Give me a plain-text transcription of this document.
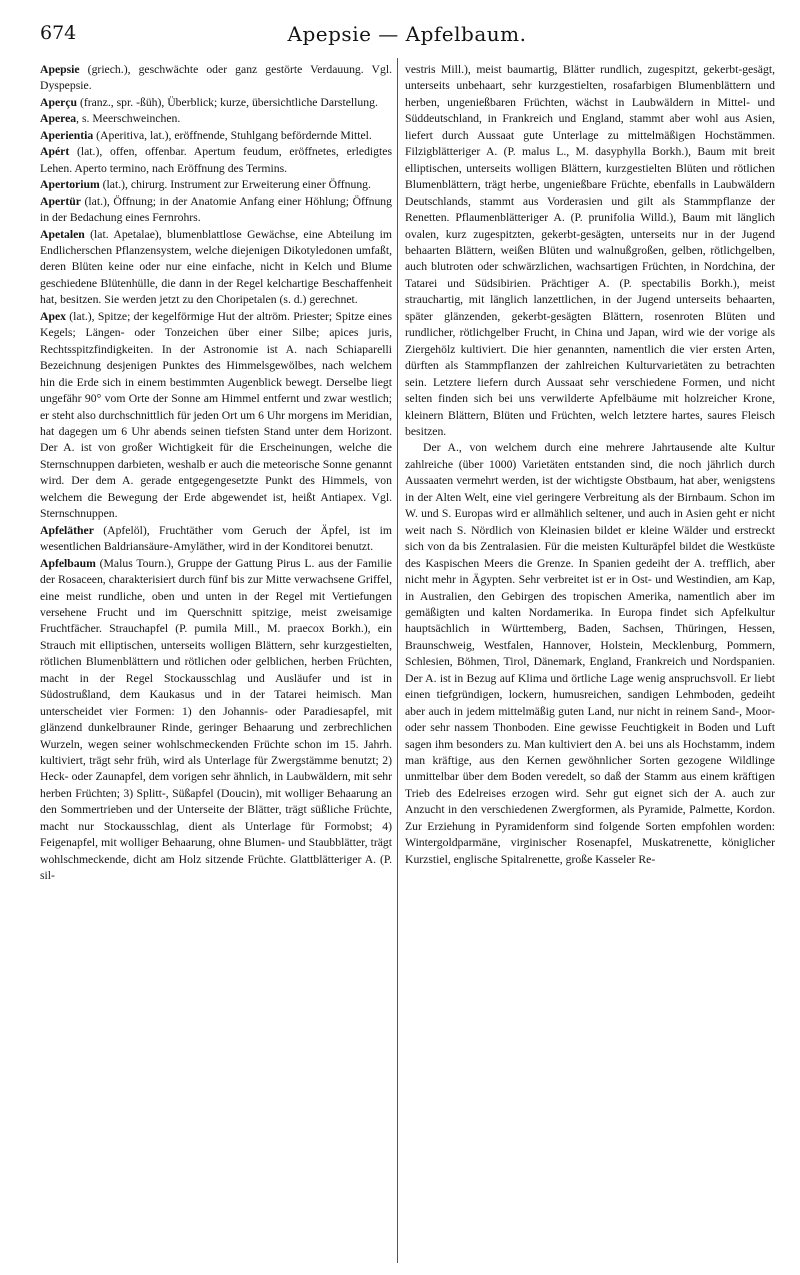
674	Apepsie — Apfelbaum.

Apepsie (griech.), geschwächte oder ganz gestörte Verdauung. Vgl. Dyspepsie.

Aperçu (franz., spr. -ßüh), Überblick; kurze, übersichtliche Darstellung.

Aperea, s. Meerschweinchen.

Aperientia (Aperitiva, lat.), eröffnende, Stuhlgang befördernde Mittel.

Apért (lat.), offen, offenbar. Apertum feudum, eröffnetes, erledigtes Lehen. Aperto termino, nach Eröffnung des Termins.

Apertorium (lat.), chirurg. Instrument zur Erweiterung einer Öffnung.

Apertür (lat.), Öffnung; in der Anatomie Anfang einer Höhlung; Öffnung in der Bedachung eines Fernrohrs.

Apetalen (lat. Apetalae), blumenblattlose Gewächse, eine Abteilung im Endlicherschen Pflanzensystem, welche diejenigen Dikotyledonen umfaßt, deren Blüten keine oder nur eine einfache, nicht in Kelch und Blume geschiedene Blütenhülle, die dann in der Regel kelchartige Beschaffenheit hat, besitzen. Sie werden jetzt zu den Choripetalen (s. d.) gerechnet.

Apex (lat.), Spitze; der kegelförmige Hut der altröm. Priester; Spitze eines Kegels; Längen- oder Tonzeichen über einer Silbe; apices juris, Rechtsspitzfindigkeiten. In der Astronomie ist A. nach Schiaparelli Bezeichnung desjenigen Punktes des Himmelsgewölbes, nach welchem hin die Erde sich in einem bestimmten Augenblick bewegt. Derselbe liegt ungefähr 90° vom Orte der Sonne am Himmel entfernt und zwar westlich; er steht also durchschnittlich für jeden Ort um 6 Uhr morgens im Meridian, hat dagegen um 6 Uhr abends seinen tiefsten Stand unter dem Horizont. Der A. ist von großer Wichtigkeit für die Erscheinungen, welche die Sternschnuppen darbieten, weshalb er auch die meteorische Sonne genannt wird. Der dem A. gerade entgegengesetzte Punkt des Himmels, von welchem die Bewegung der Erde abgewendet ist, heißt Antiapex. Vgl. Sternschnuppen.

Apfeläther (Apfelöl), Fruchtäther vom Geruch der Äpfel, ist im wesentlichen Baldriansäure-Amyläther, wird in der Konditorei benutzt.

Apfelbaum (Malus Tourn.), Gruppe der Gattung Pirus L. aus der Familie der Rosaceen, charakterisiert durch fünf bis zur Mitte verwachsene Griffel, eine meist rundliche, oben und unten in der Regel mit Vertiefungen versehene Frucht und im Querschnitt spitzige, meist zweisamige Fruchtfächer. Strauchapfel (P. pumila Mill., M. praecox Borkh.), ein Strauch mit elliptischen, unterseits wolligen Blättern, sehr kurzgestielten, rötlichen Blumenblättern und rötlichen oder gelblichen, herben Früchten, macht in der Regel Stockausschlag und Ausläufer und ist in Südostrußland, dem Kaukasus und in der Tatarei heimisch. Man unterscheidet vier Formen: 1) den Johannis- oder Paradiesapfel, mit glänzend dunkelbrauner Rinde, geringer Behaarung und zerbrechlichen Wurzeln, wegen seiner wohlschmeckenden Früchte schon im 15. Jahrh. kultiviert, trägt sehr früh, wird als Unterlage für Zwergstämme benutzt; 2) Heck- oder Zaunapfel, dem vorigen sehr ähnlich, in Laubwäldern, mit sehr herben Früchten; 3) Splitt-, Süßapfel (Doucin), mit wolliger Behaarung an den Sommertrieben und der Unterseite der Blätter, trägt süßliche Früchte, macht nur Stockausschlag, dient als Unterlage für Formobst; 4) Feigenapfel, mit wolliger Behaarung, ohne Blumen- und Staubblätter, trägt wohlschmeckende, dicht am Holz sitzende Früchte. Glattblätteriger A. (P. sil-

vestris Mill.), meist baumartig, Blätter rundlich, zugespitzt, gekerbt-gesägt, unterseits unbehaart, sehr kurzgestielten, rosafarbigen Blumenblättern und herben, ungenießbaren Früchten, wächst in Laubwäldern in Mittel- und Süddeutschland, in Frankreich und England, stammt aber wohl aus Asien, liefert durch Aussaat gute Unterlage zu mittelmäßigen Hochstämmen. Filzigblätteriger A. (P. malus L., M. dasyphylla Borkh.), Baum mit breit elliptischen, unterseits wolligen Blättern, kurzgestielten Blüten und rötlichen Blumenblättern, trägt herbe, ungenießbare Früchte, ebenfalls in Laubwäldern Deutschlands, stammt aus Vorderasien und gilt als Stammpflanze der Renetten. Pflaumenblätteriger A. (P. prunifolia Willd.), Baum mit länglich ovalen, kurz zugespitzten, gekerbt-gesägten, unterseits nur in der Jugend behaarten Blättern, weißen Blüten und walnußgroßen, gelben, rötlichgelben, auch blutroten oder schwärzlichen, wachsartigen Früchten, in Nordchina, der Tatarei und Südsibirien. Prächtiger A. (P. spectabilis Borkh.), meist strauchartig, mit länglich lanzettlichen, in der Jugend unterseits behaarten, später glänzenden, gekerbt-gesägten Blättern, rosenroten Blüten und rundlicher, rötlichgelber Frucht, in China und Japan, wird wie der vorige als Ziergehölz kultiviert. Die hier genannten, namentlich die vier ersten Arten, dürften als Stammpflanzen der zahlreichen Kulturvarietäten zu betrachten sein. Letztere liefern durch Aussaat sehr verschiedene Formen, und nicht selten finden sich bei uns verwilderte Apfelbäume mit holzreicher Krone, kleinern Blättern, Blüten und Früchten, welch letztere hartes, saures Fleisch besitzen.

Der A., von welchem durch eine mehrere Jahrtausende alte Kultur zahlreiche (über 1000) Varietäten entstanden sind, die noch jährlich durch Aussaaten vermehrt werden, ist der wichtigste Obstbaum, hat aber, wenigstens in der Alten Welt, eine viel geringere Verbreitung als der Birnbaum. Schon im W. und S. Europas wird er allmählich seltener, und auch in Asien geht er nicht weit nach S. Nördlich von Kleinasien bildet er kleine Wälder und erstreckt sich von da bis Zentralasien. Für die meisten Kulturäpfel bildet die Westküste des Kaspischen Meers die Grenze. In Spanien gedeiht der A. trefflich, aber nicht mehr in Ägypten. Sehr verbreitet ist er in Ost- und Westindien, am Kap, in Australien, den Gebirgen des tropischen Amerika, namentlich aber im gemäßigten und kalten Nordamerika. In Europa findet sich Apfelkultur hauptsächlich in Württemberg, Baden, Sachsen, Thüringen, Hessen, Braunschweig, Westfalen, Hannover, Holstein, Mecklenburg, Pommern, Schlesien, Böhmen, Tirol, Dänemark, England, Frankreich und Nordspanien. Der A. ist in Bezug auf Klima und örtliche Lage wenig anspruchsvoll. Er liebt einen tiefgründigen, lockern, humusreichen, sandigen Lehmboden, gedeiht aber auch in jedem mittelmäßig guten Land, nur nicht in reinem Sand-, Moor- oder sehr nassem Thonboden. Eine gewisse Feuchtigkeit in Boden und Luft sagen ihm besonders zu. Man kultiviert den A. bei uns als Hochstamm, indem man kräftige, aus den Kernen gewöhnlicher Sorten gezogene Wildlinge unmittelbar über dem Boden veredelt, so daß der Stamm aus einem kräftigen Trieb des Edelreises erzogen wird. Sehr gut eignet sich der A. auch zur Anzucht in den verschiedenen Zwergformen, als Pyramide, Palmette, Kordon. Zur Erziehung in Pyramidenform sind folgende Sorten empfohlen worden: Wintergoldparmäne, virginischer Rosenapfel, Muskatrenette, königlicher Kurzstiel, englische Spitalrenette, große Kasseler Re-
